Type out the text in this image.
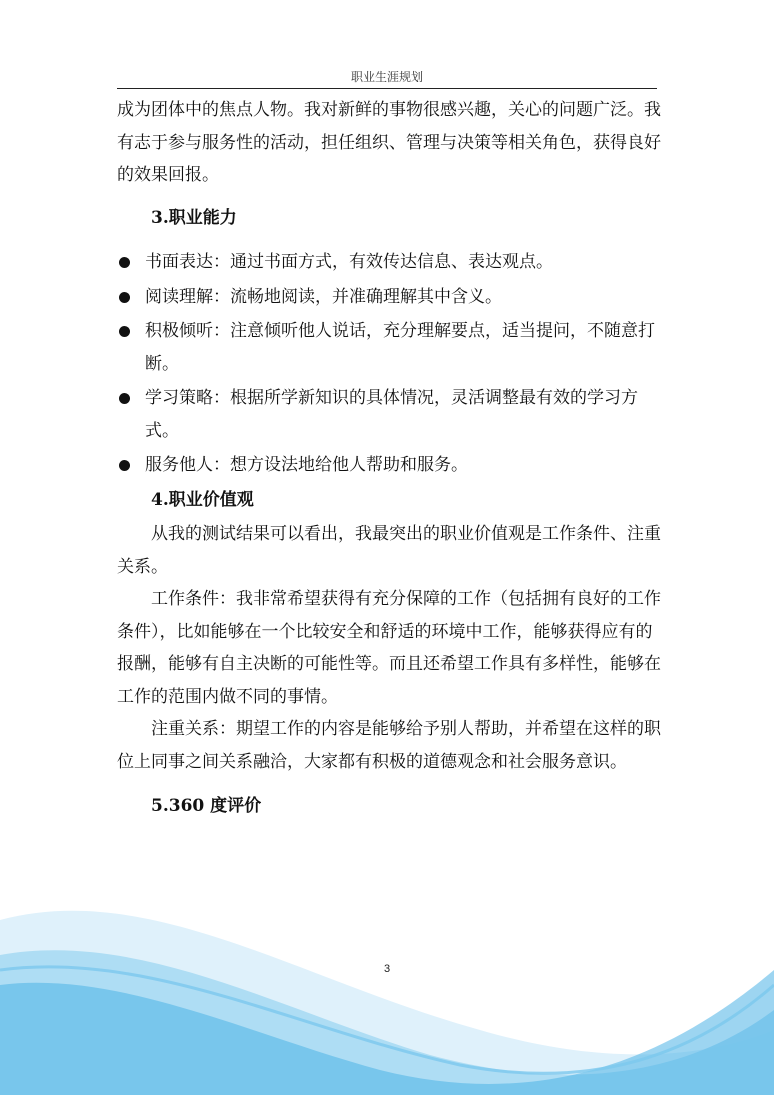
职业生涯规划

成为团体中的焦点人物。我对新鲜的事物很感兴趣，关心的问题广泛。我有志于参与服务性的活动，担任组织、管理与决策等相关角色，获得良好的效果回报。

3.职业能力
书面表达：通过书面方式，有效传达信息、表达观点。
阅读理解：流畅地阅读，并准确理解其中含义。
积极倾听：注意倾听他人说话，充分理解要点，适当提问，不随意打断。
学习策略：根据所学新知识的具体情况，灵活调整最有效的学习方式。
服务他人：想方设法地给他人帮助和服务。
4.职业价值观

从我的测试结果可以看出，我最突出的职业价值观是工作条件、注重关系。

工作条件：我非常希望获得有充分保障的工作（包括拥有良好的工作条件），比如能够在一个比较安全和舒适的环境中工作，能够获得应有的报酬，能够有自主决断的可能性等。而且还希望工作具有多样性，能够在工作的范围内做不同的事情。

注重关系：期望工作的内容是能够给予别人帮助，并希望在这样的职位上同事之间关系融洽，大家都有积极的道德观念和社会服务意识。

5.360 度评价
3
